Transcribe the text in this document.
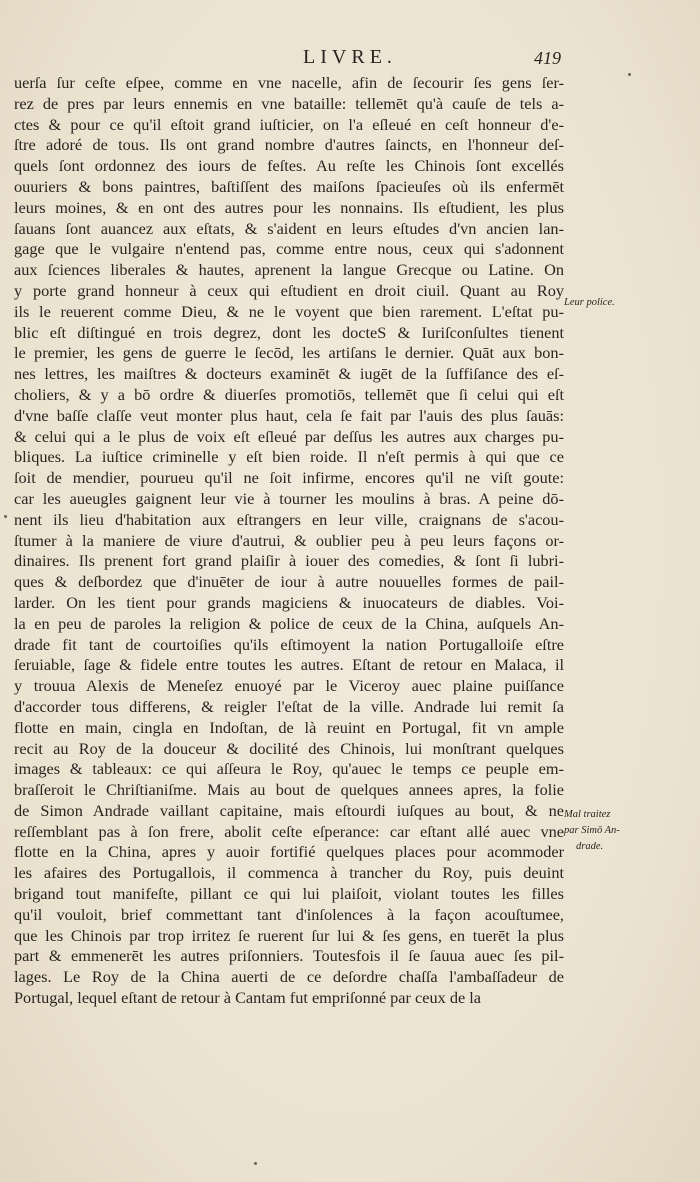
LIVRE.	419
uerſa ſur ceſte eſpee, comme en vne nacelle, afin de ſecourir ſes gens ſer-
rez de pres par leurs ennemis en vne bataille: tellemēt qu'à cauſe de tels a-
ctes & pour ce qu'il eſtoit grand iuſticier, on l'a eſleué en ceſt honneur d'e-
ſtre adoré de tous. Ils ont grand nombre d'autres ſaincts, en l'honneur deſ-
quels ſont ordonnez des iours de feſtes. Au reſte les Chinois ſont excellés
ouuriers & bons paintres, baſtiſſent des maiſons ſpacieuſes où ils enfermēt
leurs moines, & en ont des autres pour les nonnains. Ils eſtudient, les plus
ſauans ſont auancez aux eſtats, & s'aident en leurs eſtudes d'vn ancien lan-
gage que le vulgaire n'entend pas, comme entre nous, ceux qui s'adonnent
aux ſciences liberales & hautes, aprenent la langue Grecque ou Latine. On
y porte grand honneur à ceux qui eſtudient en droit ciuil. Quant au Roy
ils le reuerent comme Dieu, & ne le voyent que bien rarement. L'eſtat pu-
blic eſt diſtingué en trois degrez, dont les docteS & Iuriſconſultes tienent
le premier, les gens de guerre le ſecōd, les artiſans le dernier. Quāt aux bon-
nes lettres, les maiſtres & docteurs examinēt & iugēt de la ſuffiſance des eſ-
choliers, & y a bō ordre & diuerſes promotiōs, tellemēt que ſi celui qui eſt
d'vne baſſe claſſe veut monter plus haut, cela ſe fait par l'auis des plus ſauās:
& celui qui a le plus de voix eſt eſleué par deſſus les autres aux charges pu-
bliques. La iuſtice criminelle y eſt bien roide. Il n'eſt permis à qui que ce
ſoit de mendier, pourueu qu'il ne ſoit infirme, encores qu'il ne viſt goute:
car les aueugles gaignent leur vie à tourner les moulins à bras. A peine dō-
nent ils lieu d'habitation aux eſtrangers en leur ville, craignans de s'acou-
ſtumer à la maniere de viure d'autrui, & oublier peu à peu leurs façons or-
dinaires. Ils prenent fort grand plaiſir à iouer des comedies, & ſont ſi lubri-
ques & deſbordez que d'inuēter de iour à autre nouuelles formes de pail-
larder. On les tient pour grands magiciens & inuocateurs de diables. Voi-
la en peu de paroles la religion & police de ceux de la China, auſquels An-
drade fit tant de courtoiſies qu'ils eſtimoyent la nation Portugalloiſe eſtre
ſeruiable, ſage & fidele entre toutes les autres. Eſtant de retour en Malaca, il
y trouua Alexis de Meneſez enuoyé par le Viceroy auec plaine puiſſance
d'accorder tous differens, & reigler l'eſtat de la ville. Andrade lui remit ſa
flotte en main, cingla en Indoſtan, de là reuint en Portugal, fit vn ample
recit au Roy de la douceur & docilité des Chinois, lui monſtrant quelques
images & tableaux: ce qui aſſeura le Roy, qu'auec le temps ce peuple em-
braſſeroit le Chriſtianiſme. Mais au bout de quelques annees apres, la folie
de Simon Andrade vaillant capitaine, mais eſtourdi iuſques au bout, & ne
reſſemblant pas à ſon frere, abolit ceſte eſperance: car eſtant allé auec vne
flotte en la China, apres y auoir fortifié quelques places pour acommoder
les afaires des Portugallois, il commenca à trancher du Roy, puis deuint
brigand tout manifeſte, pillant ce qui lui plaiſoit, violant toutes les filles
qu'il vouloit, brief commettant tant d'inſolences à la façon acouſtumee,
que les Chinois par trop irritez ſe ruerent ſur lui & ſes gens, en tuerēt la plus
part & emmenerēt les autres priſonniers. Toutesfois il ſe ſauua auec ſes pil-
lages. Le Roy de la China auerti de ce deſordre chaſſa l'ambaſſadeur de
Portugal, lequel eſtant de retour à Cantam fut empriſonné par ceux de la
Leur police.
Mal traitez
par Simō An-
drade.
